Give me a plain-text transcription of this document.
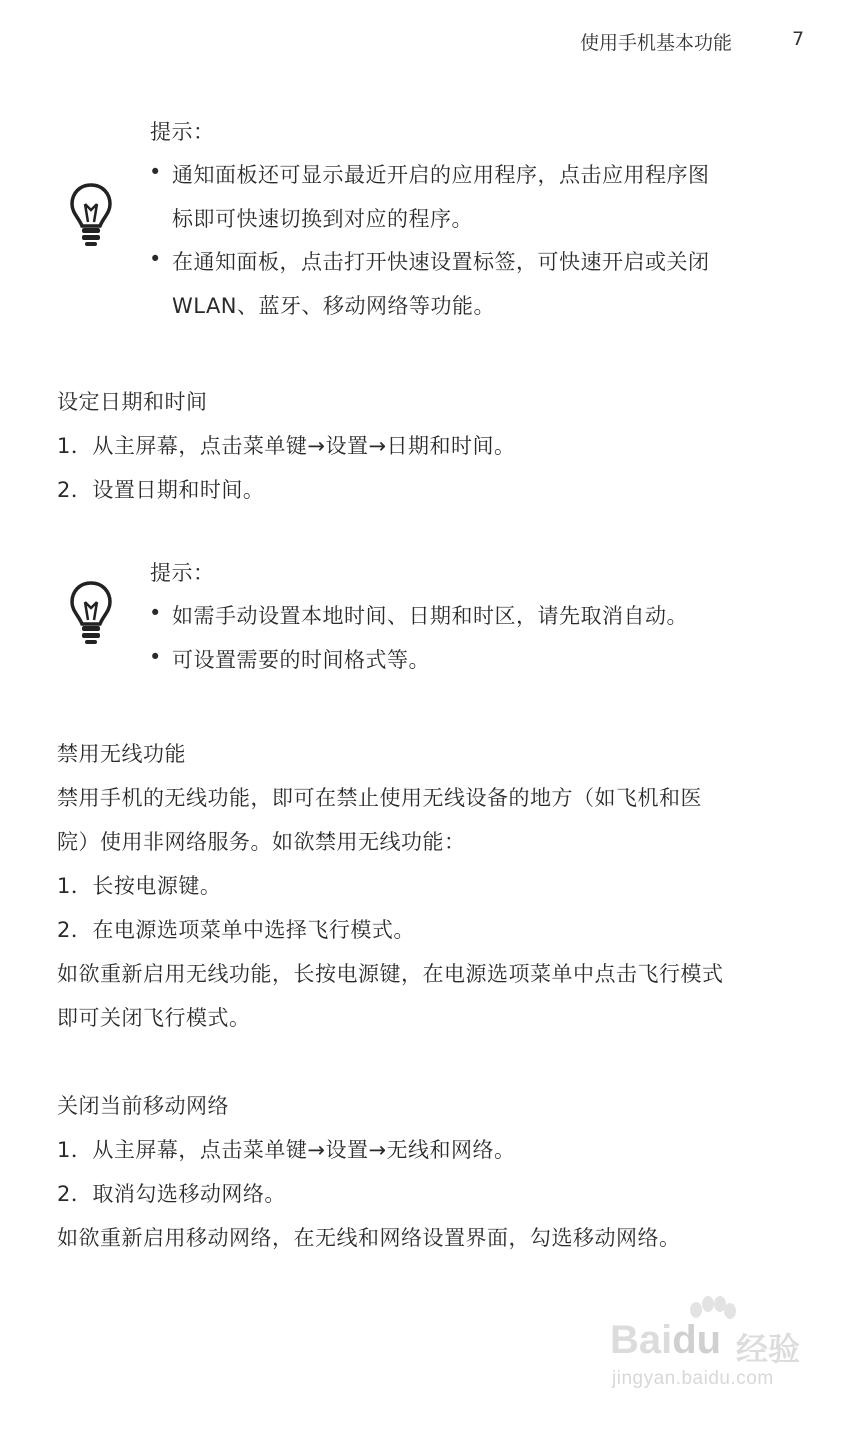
使用手机基本功能	7
提示：
• 通知面板还可显示最近开启的应用程序，点击应用程序图
标即可快速切换到对应的程序。
• 在通知面板，点击打开快速设置标签，可快速开启或关闭
WLAN、蓝牙、移动网络等功能。
设定日期和时间
1．从主屏幕，点击菜单键→设置→日期和时间。
2．设置日期和时间。
提示：
• 如需手动设置本地时间、日期和时区，请先取消自动。
• 可设置需要的时间格式等。
禁用无线功能
禁用手机的无线功能，即可在禁止使用无线设备的地方（如飞机和医
院）使用非网络服务。如欲禁用无线功能：
1．长按电源键。
2．在电源选项菜单中选择飞行模式。
如欲重新启用无线功能，长按电源键，在电源选项菜单中点击飞行模式
即可关闭飞行模式。
关闭当前移动网络
1．从主屏幕，点击菜单键→设置→无线和网络。
2．取消勾选移动网络。
如欲重新启用移动网络，在无线和网络设置界面，勾选移动网络。
Baidu 经验
jingyan.baidu.com
